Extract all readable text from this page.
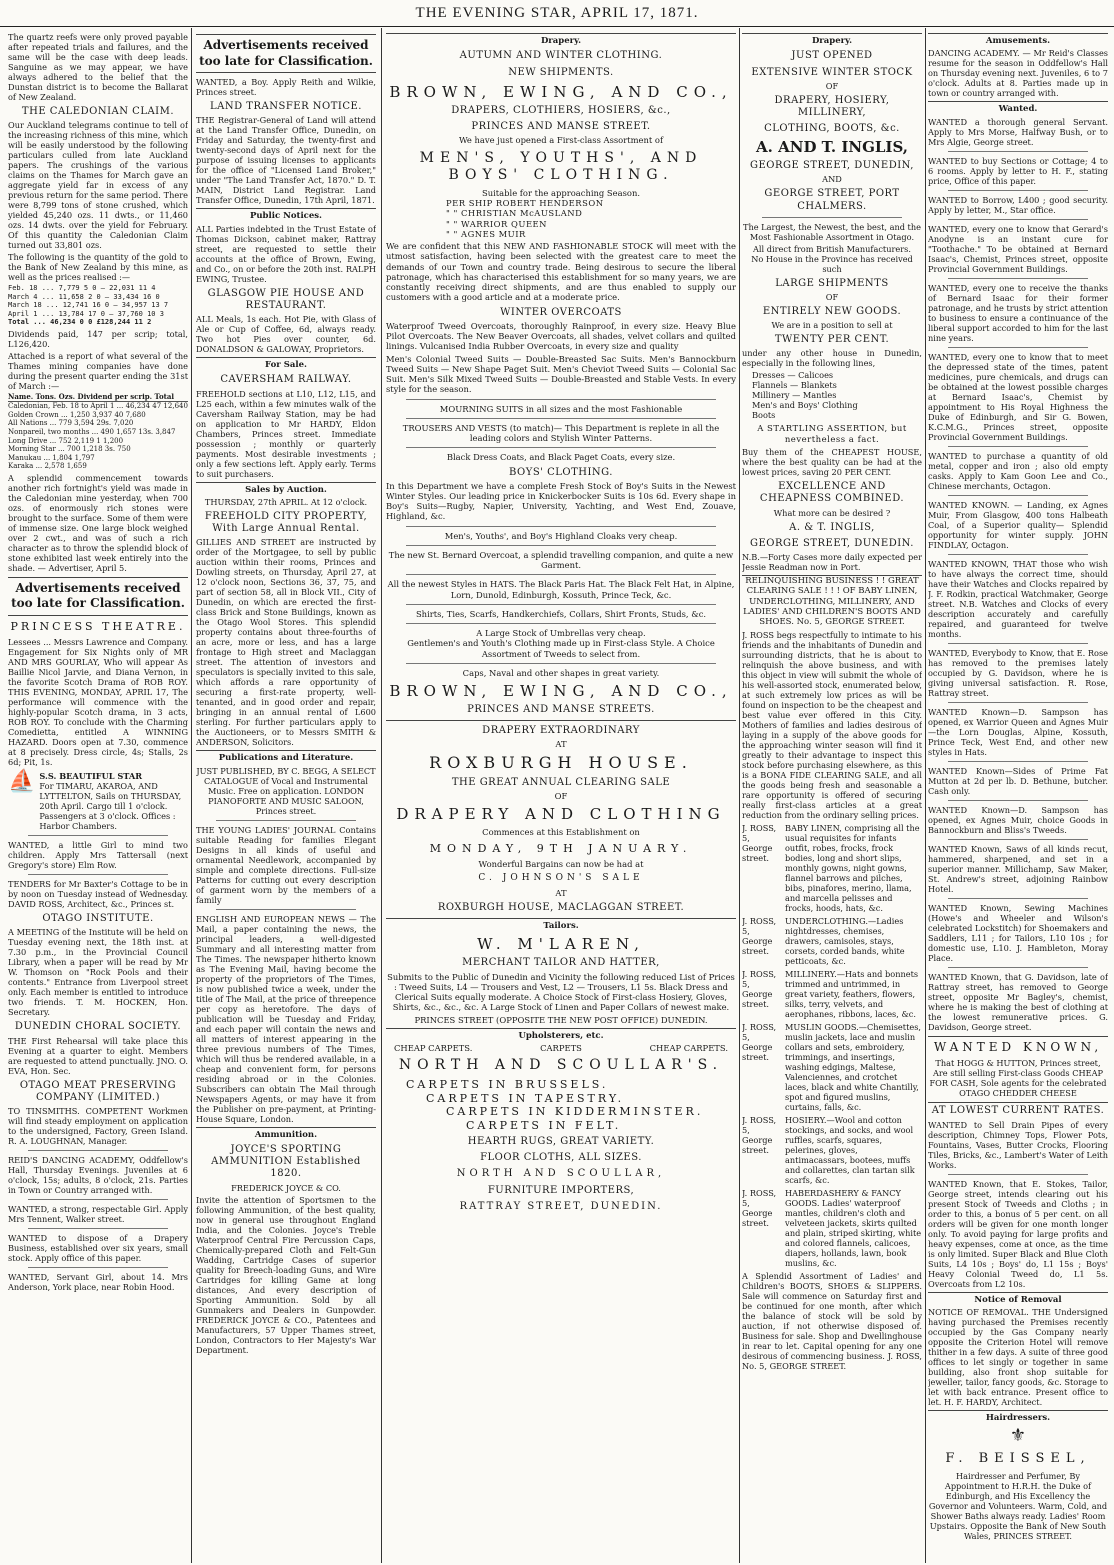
THE EVENING STAR, APRIL 17, 1871.

The quartz reefs were only proved payable after repeated trials and failures, and the same will be the case with deep leads. Sanguine as we may appear, we have always adhered to the belief that the Dunstan district is to become the Ballarat of New Zealand.

THE CALEDONIAN CLAIM.

Our Auckland telegrams continue to tell of the increasing richness of this mine, which will be easily understood by the following particulars culled from late Auckland papers. The crushings of the various claims on the Thames for March gave an aggregate yield far in excess of any previous return for the same period. There were 8,799 tons of stone crushed, which yielded 45,240 ozs. 11 dwts., or 11,460 ozs. 14 dwts. over the yield for February. Of this quantity the Caledonian Claim turned out 33,801 ozs.

The following is the quantity of the gold to the Bank of New Zealand by this mine, as well as the prices realised :—

Feb. 18 ... 7,779 5 0 — 22,031 11 4
March 4 ... 11,658 2 0 — 33,434 16 0
March 18 ... 12,741 16 0 — 34,957 13 7
April 1 ... 13,784 17 0 — 37,760 10 3
Total ... 46,234 0 0 £128,244 11 2

Dividends paid, 147 per scrip; total, L126,420.

Attached is a report of what several of the Thames mining companies have done during the present quarter ending the 31st of March :—

Name. Tons. Ozs. Dividend per scrip. Total
Caledonian, Feb. 18 to April 1 ... 46,234 47 12,640
Golden Crown ... 1,250 3,937 40 7,680
All Nations ... 779 3,594 29s. 7,020
Nonpareil, two months ... 490 1,657 13s. 3,847
Long Drive ... 752 2,119 1 1,200
Morning Star ... 700 1,218 3s. 750
Manukau ... 1,804 1,797
Karaka ... 2,578 1,659

A splendid commencement towards another rich fortnight's yield was made in the Caledonian mine yesterday, when 700 ozs. of enormously rich stones were brought to the surface. Some of them were of immense size. One large block weighed over 2 cwt., and was of such a rich character as to throw the splendid block of stone exhibited last week entirely into the shade. — Advertiser, April 5.

Advertisements received too late for Classification.
PRINCESS THEATRE.

Lessees ... Messrs Lawrence and Company. Engagement for Six Nights only of MR AND MRS GOURLAY, Who will appear As Baillie Nicol Jarvie, and Diana Vernon, in the favorite Scotch Drama of ROB ROY. THIS EVENING, MONDAY, APRIL 17, The performance will commence with the highly-popular Scotch drama, in 3 acts, ROB ROY. To conclude with the Charming Comedietta, entitled A WINNING HAZARD. Doors open at 7.30, commence at 8 precisely. Dress circle, 4s; Stalls, 2s 6d; Pit, 1s.

⛵ S.S. BEAUTIFUL STAR
For TIMARU, AKAROA, AND LYTTELTON, Sails on THURSDAY, 20th April. Cargo till 1 o'clock. Passengers at 3 o'clock. Offices : Harbor Chambers.

WANTED, a little Girl to mind two children. Apply Mrs Tattersall (next Gregory's store) Elm Row.

TENDERS for Mr Baxter's Cottage to be in by noon on Tuesday instead of Wednesday. DAVID ROSS, Architect, &c., Princes st.

OTAGO INSTITUTE.

A MEETING of the Institute will be held on Tuesday evening next, the 18th inst. at 7.30 p.m., in the Provincial Council Library, when a paper will be read by Mr W. Thomson on "Rock Pools and their contents." Entrance from Liverpool street only. Each member is entitled to introduce two friends. T. M. HOCKEN, Hon. Secretary.

DUNEDIN CHORAL SOCIETY.

THE First Rehearsal will take place this Evening at a quarter to eight. Members are requested to attend punctually. JNO. O. EVA, Hon. Sec.

OTAGO MEAT PRESERVING COMPANY (LIMITED.)

TO TINSMITHS. COMPETENT Workmen will find steady employment on application to the undersigned, Factory, Green Island. R. A. LOUGHNAN, Manager.

REID'S DANCING ACADEMY, Oddfellow's Hall, Thursday Evenings. Juveniles at 6 o'clock, 15s; adults, 8 o'clock, 21s. Parties in Town or Country arranged with.

WANTED, a strong, respectable Girl. Apply Mrs Tennent, Walker street.

WANTED to dispose of a Drapery Business, established over six years, small stock. Apply office of this paper.

WANTED, Servant Girl, about 14. Mrs Anderson, York place, near Robin Hood.

Advertisements received too late for Classification.

WANTED, a Boy. Apply Reith and Wilkie, Princes street.

LAND TRANSFER NOTICE.

THE Registrar-General of Land will attend at the Land Transfer Office, Dunedin, on Friday and Saturday, the twenty-first and twenty-second days of April next for the purpose of issuing licenses to applicants for the office of "Licensed Land Broker," under "The Land Transfer Act, 1870." D. T. MAIN, District Land Registrar. Land Transfer Office, Dunedin, 17th April, 1871.

Public Notices.

ALL Parties indebted in the Trust Estate of Thomas Dickson, cabinet maker, Rattray street, are requested to settle their accounts at the office of Brown, Ewing, and Co., on or before the 20th inst. RALPH EWING, Trustee.

GLASGOW PIE HOUSE AND RESTAURANT.

ALL Meals, 1s each. Hot Pie, with Glass of Ale or Cup of Coffee, 6d, always ready. Two hot Pies over counter, 6d. DONALDSON & GALOWAY, Proprietors.

For Sale.
CAVERSHAM RAILWAY.

FREEHOLD sections at L10, L12, L15, and L25 each, within a few minutes walk of the Caversham Railway Station, may be had on application to Mr HARDY, Eldon Chambers, Princes street. Immediate possession ; monthly or quarterly payments. Most desirable investments ; only a few sections left. Apply early. Terms to suit purchasers.

Sales by Auction.
THURSDAY, 27th APRIL. At 12 o'clock.
FREEHOLD CITY PROPERTY, With Large Annual Rental.

GILLIES AND STREET are instructed by order of the Mortgagee, to sell by public auction within their rooms, Princes and Dowling streets, on Thursday, April 27, at 12 o'clock noon, Sections 36, 37, 75, and part of section 58, all in Block VII., City of Dunedin, on which are erected the first-class Brick and Stone Buildings, known as the Otago Wool Stores. This splendid property contains about three-fourths of an acre, more or less, and has a large frontage to High street and Maclaggan street. The attention of investors and speculators is specially invited to this sale, which affords a rare opportunity of securing a first-rate property, well-tenanted, and in good order and repair, bringing in an annual rental of L600 sterling. For further particulars apply to the Auctioneers, or to Messrs SMITH & ANDERSON, Solicitors.

Publications and Literature.

JUST PUBLISHED, BY C. BEGG, A SELECT CATALOGUE of Vocal and Instrumental Music. Free on application. LONDON PIANOFORTE AND MUSIC SALOON, Princes street.

THE YOUNG LADIES' JOURNAL Contains suitable Reading for families Elegant Designs in all kinds of useful and ornamental Needlework, accompanied by simple and complete directions. Full-size Patterns for cutting out every description of garment worn by the members of a family

ENGLISH AND EUROPEAN NEWS — The Mail, a paper containing the news, the principal leaders, a well-digested Summary and all interesting matter from The Times. The newspaper hitherto known as The Evening Mail, having become the property of the proprietors of The Times, is now published twice a week, under the title of The Mail, at the price of threepence per copy as heretofore. The days of publication will be Tuesday and Friday, and each paper will contain the news and all matters of interest appearing in the three previous numbers of The Times, which will thus be rendered available, in a cheap and convenient form, for persons residing abroad or in the Colonies. Subscribers can obtain The Mail through Newspapers Agents, or may have it from the Publisher on pre-payment, at Printing-House Square, London.

Ammunition.
JOYCE'S SPORTING AMMUNITION Established 1820.
FREDERICK JOYCE & CO.

Invite the attention of Sportsmen to the following Ammunition, of the best quality, now in general use throughout England India, and the Colonies. Joyce's Treble Waterproof Central Fire Percussion Caps, Chemically-prepared Cloth and Felt-Gun Wadding, Cartridge Cases of superior quality for Breech-loading Guns, and Wire Cartridges for killing Game at long distances, And every description of Sporting Ammunition. Sold by all Gunmakers and Dealers in Gunpowder. FREDERICK JOYCE & CO., Patentees and Manufacturers, 57 Upper Thames street, London, Contractors to Her Majesty's War Department.

Drapery.
AUTUMN AND WINTER CLOTHING.
NEW SHIPMENTS.
BROWN, EWING, AND CO.,
DRAPERS, CLOTHIERS, HOSIERS, &c.,
PRINCES AND MANSE STREET.
We have just opened a First-class Assortment of
MEN'S, YOUTHS', AND BOYS' CLOTHING.
Suitable for the approaching Season.
PER SHIP ROBERT HENDERSON
" " CHRISTIAN McAUSLAND
" " WARRIOR QUEEN
" " AGNES MUIR

We are confident that this NEW AND FASHIONABLE STOCK will meet with the utmost satisfaction, having been selected with the greatest care to meet the demands of our Town and country trade. Being desirous to secure the liberal patronage, which has characterised this establishment for so many years, we are constantly receiving direct shipments, and are thus enabled to supply our customers with a good article and at a moderate price.

WINTER OVERCOATS

Waterproof Tweed Overcoats, thoroughly Rainproof, in every size. Heavy Blue Pilot Overcoats. The New Beaver Overcoats, all shades, velvet collars and quilted linings. Vulcanised India Rubber Overcoats, in every size and quality

Men's Colonial Tweed Suits — Double-Breasted Sac Suits. Men's Bannockburn Tweed Suits — New Shape Paget Suit. Men's Cheviot Tweed Suits — Colonial Sac Suit. Men's Silk Mixed Tweed Suits — Double-Breasted and Stable Vests. In every style for the season.

MOURNING SUITS in all sizes and the most Fashionable
TROUSERS AND VESTS (to match)— This Department is replete in all the leading colors and Stylish Winter Patterns.
Black Dress Coats, and Black Paget Coats, every size.
BOYS' CLOTHING.

In this Department we have a complete Fresh Stock of Boy's Suits in the Newest Winter Styles. Our leading price in Knickerbocker Suits is 10s 6d. Every shape in Boy's Suits—Rugby, Napier, University, Yachting, and West End, Zouave, Highland, &c.

Men's, Youths', and Boy's Highland Cloaks very cheap.
The new St. Bernard Overcoat, a splendid travelling companion, and quite a new Garment.
All the newest Styles in HATS. The Black Paris Hat. The Black Felt Hat, in Alpine, Lorn, Dunold, Edinburgh, Kossuth, Prince Teck, &c.
Shirts, Ties, Scarfs, Handkerchiefs, Collars, Shirt Fronts, Studs, &c.
A Large Stock of Umbrellas very cheap.
Gentlemen's and Youth's Clothing made up in First-class Style. A Choice Assortment of Tweeds to select from.
Caps, Naval and other shapes in great variety.
BROWN, EWING, AND CO.,
PRINCES AND MANSE STREETS.
DRAPERY EXTRAORDINARY
AT
ROXBURGH HOUSE.
THE GREAT ANNUAL CLEARING SALE
OF
DRAPERY AND CLOTHING
Commences at this Establishment on
MONDAY, 9TH JANUARY.
Wonderful Bargains can now be had at
C. JOHNSON'S SALE
AT
ROXBURGH HOUSE, MACLAGGAN STREET.
Tailors.
W. M'LAREN,
MERCHANT TAILOR AND HATTER,

Submits to the Public of Dunedin and Vicinity the following reduced List of Prices : Tweed Suits, L4 — Trousers and Vest, L2 — Trousers, L1 5s. Black Dress and Clerical Suits equally moderate. A Choice Stock of First-class Hosiery, Gloves, Shirts, &c., &c., &c. A Large Stock of Linen and Paper Collars of newest make.

PRINCES STREET (OPPOSITE THE NEW POST OFFICE) DUNEDIN.
Upholsterers, etc.
CHEAP CARPETS.	CARPETS	CHEAP CARPETS.
NORTH AND SCOULLAR'S.
CARPETS IN BRUSSELS.
CARPETS IN TAPESTRY.
CARPETS IN KIDDERMINSTER.
CARPETS IN FELT.
HEARTH RUGS, GREAT VARIETY.
FLOOR CLOTHS, ALL SIZES.
NORTH AND SCOULLAR,
FURNITURE IMPORTERS,
RATTRAY STREET, DUNEDIN.
Drapery.
JUST OPENED
EXTENSIVE WINTER STOCK
OF
DRAPERY, HOSIERY, MILLINERY,
CLOTHING, BOOTS, &c.
A. AND T. INGLIS,
GEORGE STREET, DUNEDIN,
AND
GEORGE STREET, PORT CHALMERS.

The Largest, the Newest, the best, and the Most Fashionable Assortment in Otago.

All direct from British Manufacturers.
No House in the Province has received such
LARGE SHIPMENTS
OF
ENTIRELY NEW GOODS.
We are in a position to sell at
TWENTY PER CENT.

under any other house in Dunedin, especially in the following lines,

Dresses — Calicoes
Flannels — Blankets
Millinery — Mantles
Men's and Boys' Clothing
Boots
A STARTLING ASSERTION, but nevertheless a fact.

Buy them of the CHEAPEST HOUSE, where the best quality can be had at the lowest prices, saving 20 PER CENT.

EXCELLENCE AND CHEAPNESS COMBINED.
What more can be desired ?
A. & T. INGLIS,
GEORGE STREET, DUNEDIN.

N.B.—Forty Cases more daily expected per Jessie Readman now in Port.

RELINQUISHING BUSINESS ! ! GREAT CLEARING SALE ! ! ! OF BABY LINEN, UNDERCLOTHING, MILLINERY, AND LADIES' AND CHILDREN'S BOOTS AND SHOES. No. 5, GEORGE STREET.

J. ROSS begs respectfully to intimate to his friends and the inhabitants of Dunedin and surrounding districts, that he is about to relinquish the above business, and with this object in view will submit the whole of his well-assorted stock, enumerated below, at such extremely low prices as will be found on inspection to be the cheapest and best value ever offered in this City. Mothers of families and ladies desirous of laying in a supply of the above goods for the approaching winter season will find it greatly to their advantage to inspect this stock before purchasing elsewhere, as this is a BONA FIDE CLEARING SALE, and all the goods being fresh and seasonable a rare opportunity is offered of securing really first-class articles at a great reduction from the ordinary selling prices.

J. ROSS, 5, George street.
BABY LINEN, comprising all the usual requisites for infants outfit, robes, frocks, frock bodies, long and short slips, monthly gowns, night gowns, flannel barrows and pilches, bibs, pinafores, merino, llama, and marcella pelisses and frocks, hoods, hats, &c.
J. ROSS, 5, George street.
UNDERCLOTHING.—Ladies nightdresses, chemises, drawers, camisoles, stays, corsets, corded bands, white petticoats, &c.
J. ROSS, 5, George street.
MILLINERY.—Hats and bonnets trimmed and untrimmed, in great variety, feathers, flowers, silks, terry, velvets, and aerophanes, ribbons, laces, &c.
J. ROSS, 5, George street.
MUSLIN GOODS.—Chemisettes, muslin jackets, lace and muslin collars and sets, embroidery, trimmings, and insertings, washing edgings, Maltese, Valenciennes, and crotchet laces, black and white Chantilly, spot and figured muslins, curtains, falls, &c.
J. ROSS, 5, George street.
HOSIERY.—Wool and cotton stockings, and socks, and wool ruffles, scarfs, squares, pelerines, gloves, antimacassars, bootees, muffs and collarettes, clan tartan silk scarfs, &c.
J. ROSS, 5, George street.
HABERDASHERY & FANCY GOODS. Ladies' waterproof mantles, children's cloth and velveteen jackets, skirts quilted and plain, striped skirting, white and colored flannels, calicoes, diapers, hollands, lawn, book muslins, &c.

A Splendid Assortment of Ladies' and Children's BOOTS, SHOES & SLIPPERS. Sale will commence on Saturday first and be continued for one month, after which the balance of stock will be sold by auction, if not otherwise disposed of. Business for sale. Shop and Dwellinghouse in rear to let. Capital opening for any one desirous of commencing business. J. ROSS, No. 5, GEORGE STREET.

Amusements.

DANCING ACADEMY. — Mr Reid's Classes resume for the season in Oddfellow's Hall on Thursday evening next. Juveniles, 6 to 7 o'clock. Adults at 8. Parties made up in town or country arranged with.

Wanted.

WANTED a thorough general Servant. Apply to Mrs Morse, Halfway Bush, or to Mrs Algie, George street.

WANTED to buy Sections or Cottage; 4 to 6 rooms. Apply by letter to H. F., stating price, Office of this paper.

WANTED to Borrow, L400 ; good security. Apply by letter, M., Star office.

WANTED, every one to know that Gerard's Anodyne is an instant cure for "Toothache." To be obtained at Bernard Isaac's, Chemist, Princes street, opposite Provincial Government Buildings.

WANTED, every one to receive the thanks of Bernard Isaac for their former patronage, and he trusts by strict attention to business to ensure a continuance of the liberal support accorded to him for the last nine years.

WANTED, every one to know that to meet the depressed state of the times, patent medicines, pure chemicals, and drugs can be obtained at the lowest possible charges at Bernard Isaac's, Chemist by appointment to His Royal Highness the Duke of Edinburgh, and Sir G. Bowen, K.C.M.G., Princes street, opposite Provincial Government Buildings.

WANTED to purchase a quantity of old metal, copper and iron ; also old empty casks. Apply to Kam Goon Lee and Co., Chinese merchants, Octagon.

WANTED KNOWN. — Landing, ex Agnes Muir, From Glasgow, 400 tons Halbeath Coal, of a Superior quality— Splendid opportunity for winter supply. JOHN FINDLAY, Octagon.

WANTED KNOWN, THAT those who wish to have always the correct time, should have their Watches and Clocks repaired by J. F. Rodkin, practical Watchmaker, George street. N.B. Watches and Clocks of every description accurately and carefully repaired, and guaranteed for twelve months.

WANTED, Everybody to Know, that E. Rose has removed to the premises lately occupied by G. Davidson, where he is giving universal satisfaction. R. Rose, Rattray street.

WANTED Known—D. Sampson has opened, ex Warrior Queen and Agnes Muir—the Lorn Douglas, Alpine, Kossuth, Prince Teck, West End, and other new styles in Hats.

WANTED Known—Sides of Prime Fat Mutton at 2d per lb. D. Bethune, butcher. Cash only.

WANTED Known—D. Sampson has opened, ex Agnes Muir, choice Goods in Bannockburn and Bliss's Tweeds.

WANTED Known, Saws of all kinds recut, hammered, sharpened, and set in a superior manner. Millichamp, Saw Maker, St. Andrew's street, adjoining Rainbow Hotel.

WANTED Known, Sewing Machines (Howe's and Wheeler and Wilson's celebrated Lockstitch) for Shoemakers and Saddlers, L11 ; for Tailors, L10 10s ; for domestic use, L10. J. Hambleton, Moray Place.

WANTED Known, that G. Davidson, late of Rattray street, has removed to George street, opposite Mr Bagley's, chemist, where he is making the best of clothing at the lowest remunerative prices. G. Davidson, George street.

WANTED KNOWN,

That HOGG & HUTTON, Princes street, Are still selling First-class Goods CHEAP FOR CASH, Sole agents for the celebrated OTAGO CHEDDER CHEESE

AT LOWEST CURRENT RATES.

WANTED to Sell Drain Pipes of every description, Chimney Tops, Flower Pots, Fountains, Vases, Butter Crocks, Flooring Tiles, Bricks, &c., Lambert's Water of Leith Works.

WANTED Known, that E. Stokes, Tailor, George street, intends clearing out his present Stock of Tweeds and Cloths ; in order to this, a bonus of 5 per cent. on all orders will be given for one month longer only. To avoid paying for large profits and heavy expenses, come at once, as the time is only limited. Super Black and Blue Cloth Suits, L4 10s ; Boys' do, L1 15s ; Boys' Heavy Colonial Tweed do, L1 5s. Overcoats from L2 10s.

Notice of Removal

NOTICE OF REMOVAL. THE Undersigned having purchased the Premises recently occupied by the Gas Company nearly opposite the Criterion Hotel will remove thither in a few days. A suite of three good offices to let singly or together in same building, also front shop suitable for jeweller, tailor, fancy goods, &c. Storage to let with back entrance. Present office to let. H. F. HARDY, Architect.

Hairdressers.
⚜
F. BEISSEL,

Hairdresser and Perfumer, By Appointment to H.R.H. the Duke of Edinburgh, and His Excellency the Governor and Volunteers. Warm, Cold, and Shower Baths always ready. Ladies' Room Upstairs. Opposite the Bank of New South Wales, PRINCES STREET.
